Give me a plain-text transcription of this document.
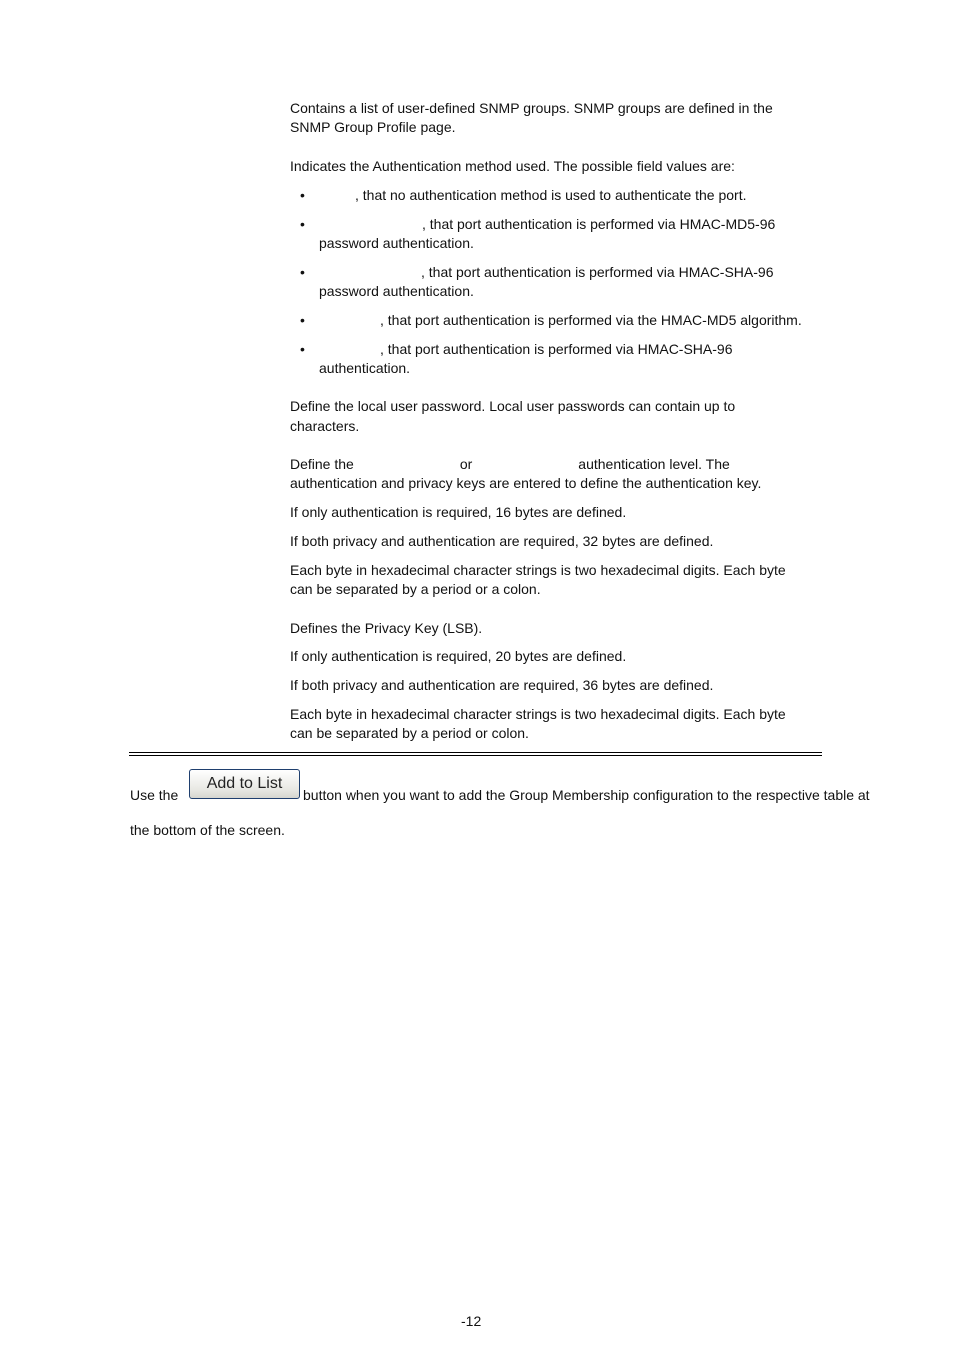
Contains a list of user-defined SNMP groups. SNMP groups are defined in the
SNMP Group Profile page.
Indicates the Authentication method used. The possible field values are:
•	, that no authentication method is used to authenticate the port.
•	, that port authentication is performed via HMAC-MD5-96
password authentication.
•	, that port authentication is performed via HMAC-SHA-96
password authentication.
•	, that port authentication is performed via the HMAC-MD5 algorithm.
•	, that port authentication is performed via HMAC-SHA-96
authentication.
Define the local user password. Local user passwords can contain up to
characters.
Define the	or	authentication level. The
authentication and privacy keys are entered to define the authentication key.
If only authentication is required, 16 bytes are defined.
If both privacy and authentication are required, 32 bytes are defined.
Each byte in hexadecimal character strings is two hexadecimal digits. Each byte
can be separated by a period or a colon.
Defines the Privacy Key (LSB).
If only authentication is required, 20 bytes are defined.
If both privacy and authentication are required, 36 bytes are defined.
Each byte in hexadecimal character strings is two hexadecimal digits. Each byte
can be separated by a period or colon.
Use the
Add to List
button when you want to add the Group Membership configuration to the respective table at
the bottom of the screen.
-12
